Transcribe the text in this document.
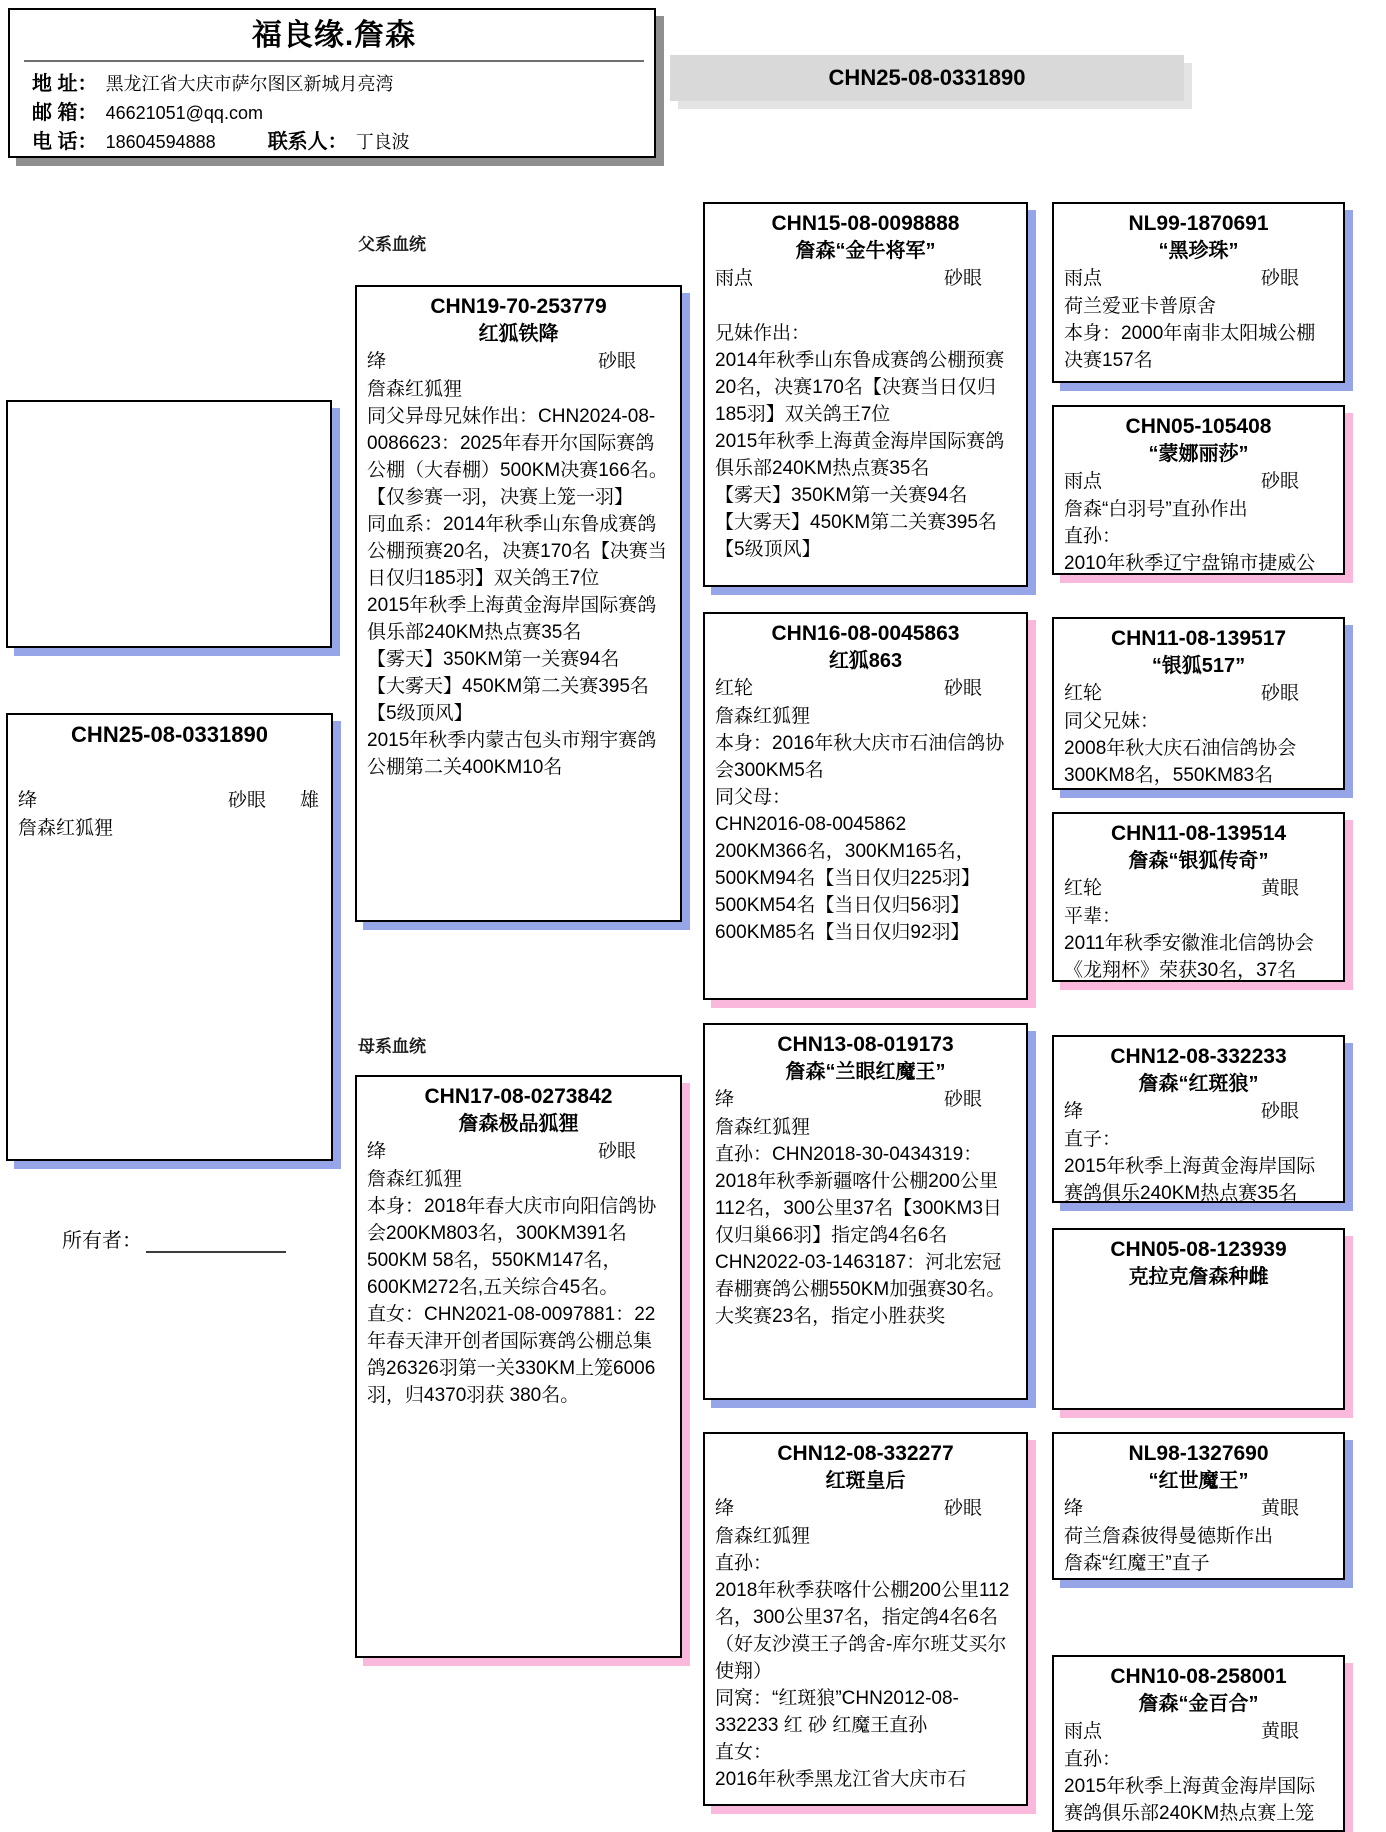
福良缘.詹森
地 址： 黑龙江省大庆市萨尔图区新城月亮湾
邮 箱： 46621051@qq.com
电 话： 18604594888	联系人： 丁良波
CHN25-08-0331890
CHN25-08-0331890
绛	砂眼 雄
詹森红狐狸
父系血统
母系血统
所有者：
CHN19-70-253779
红狐铁降
绛	砂眼
詹森红狐狸
同父异母兄妹作出：CHN2024-08-0086623：2025年春开尔国际赛鸽公棚（大春棚）500KM决赛166名。【仅参赛一羽，决赛上笼一羽】
同血系：2014年秋季山东鲁成赛鸽公棚预赛20名，决赛170名【决赛当日仅归185羽】双关鸽王7位
2015年秋季上海黄金海岸国际赛鸽俱乐部240KM热点赛35名
【雾天】350KM第一关赛94名
【大雾天】450KM第二关赛395名【5级顶风】
2015年秋季内蒙古包头市翔宇赛鸽公棚第二关400KM10名
CHN17-08-0273842
詹森极品狐狸
绛	砂眼
詹森红狐狸
本身：2018年春大庆市向阳信鸽协会200KM803名，300KM391名
500KM 58名，550KM147名，600KM272名,五关综合45名。
直女：CHN2021-08-0097881：22年春天津开创者国际赛鸽公棚总集鸽26326羽第一关330KM上笼6006羽，归4370羽获 380名。
CHN15-08-0098888
詹森“金牛将军”
雨点	砂眼

兄妹作出：
2014年秋季山东鲁成赛鸽公棚预赛20名，决赛170名【决赛当日仅归185羽】双关鸽王7位
2015年秋季上海黄金海岸国际赛鸽俱乐部240KM热点赛35名
【雾天】350KM第一关赛94名
【大雾天】450KM第二关赛395名【5级顶风】
CHN16-08-0045863
红狐863
红轮	砂眼
詹森红狐狸
本身：2016年秋大庆市石油信鸽协会300KM5名
同父母：
CHN2016-08-0045862
200KM366名，300KM165名，500KM94名【当日仅归225羽】
500KM54名【当日仅归56羽】
600KM85名【当日仅归92羽】
CHN13-08-019173
詹森“兰眼红魔王”
绛	砂眼
詹森红狐狸
直孙：CHN2018-30-0434319：2018年秋季新疆喀什公棚200公里112名，300公里37名【300KM3日仅归巢66羽】指定鸽4名6名
CHN2022-03-1463187：河北宏冠春棚赛鸽公棚550KM加强赛30名。大奖赛23名，指定小胜获奖
CHN12-08-332277
红斑皇后
绛	砂眼
詹森红狐狸
直孙：
2018年秋季获喀什公棚200公里112名，300公里37名，指定鸽4名6名（好友沙漠王子鸽舍-库尔班艾买尔使翔）
同窝：“红斑狼”CHN2012-08-332233 红 砂 红魔王直孙
直女：
2016年秋季黑龙江省大庆市石
NL99-1870691
“黑珍珠”
雨点	砂眼
荷兰爱亚卡普原舍
本身：2000年南非太阳城公棚决赛157名
CHN05-105408
“蒙娜丽莎”
雨点	砂眼
詹森“白羽号”直孙作出
直孙：
2010年秋季辽宁盘锦市捷威公
CHN11-08-139517
“银狐517”
红轮	砂眼
同父兄妹：
2008年秋大庆石油信鸽协会300KM8名，550KM83名
CHN11-08-139514
詹森“银狐传奇”
红轮	黄眼
平辈：
2011年秋季安徽淮北信鸽协会《龙翔杯》荣获30名，37名
CHN12-08-332233
詹森“红斑狼”
绛	砂眼
直子：
2015年秋季上海黄金海岸国际赛鸽俱乐240KM热点赛35名
CHN05-08-123939
克拉克詹森种雌
NL98-1327690
“红世魔王”
绛	黄眼
荷兰詹森彼得曼德斯作出
詹森“红魔王”直子
CHN10-08-258001
詹森“金百合”
雨点	黄眼
直孙：
2015年秋季上海黄金海岸国际赛鸽俱乐部240KM热点赛上笼
